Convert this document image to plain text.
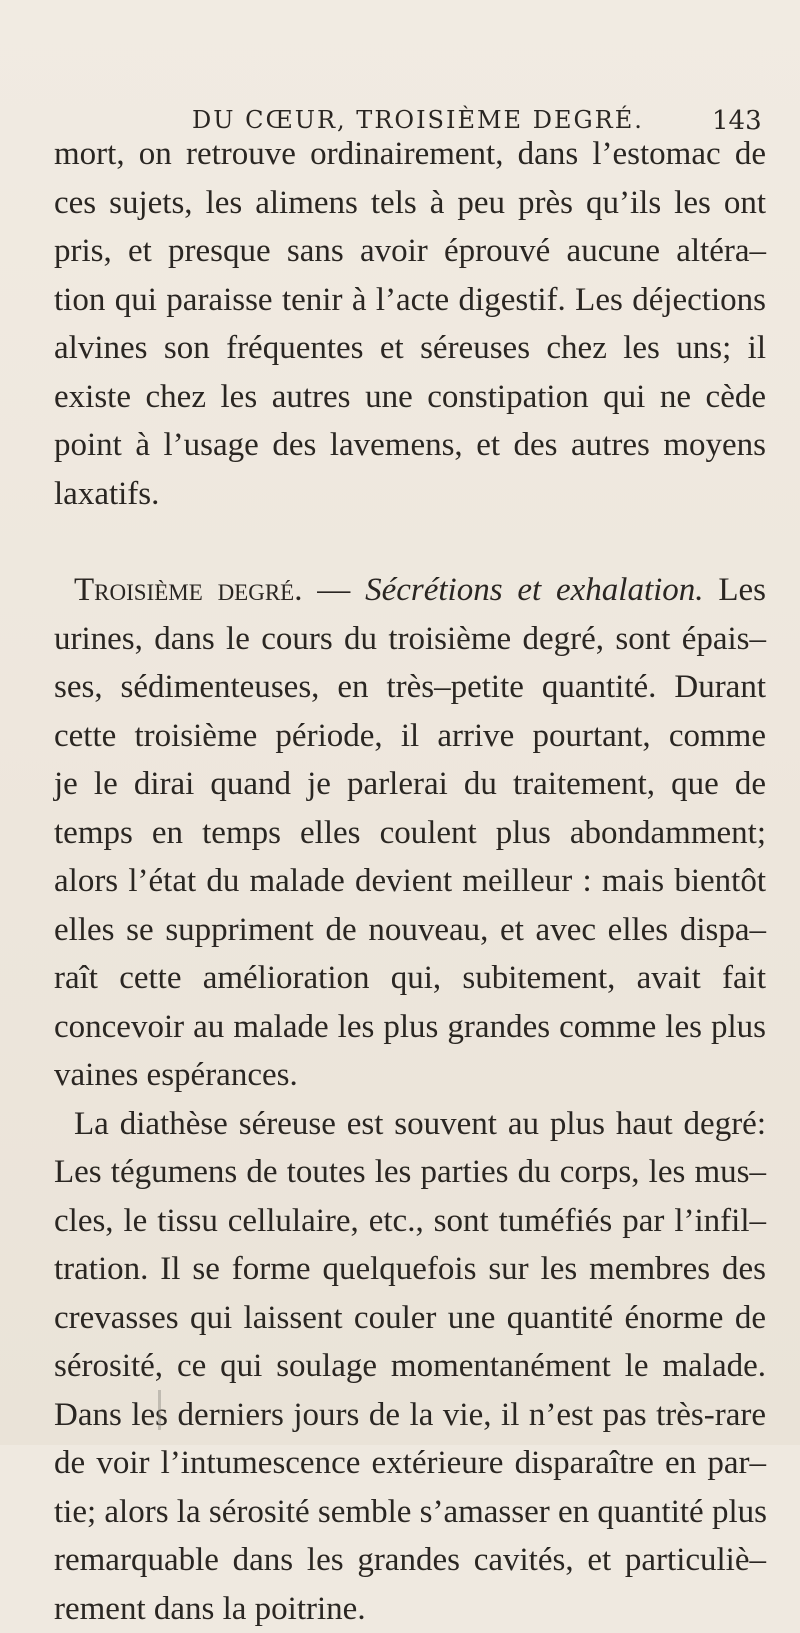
DU CŒUR, TROISIÈME DEGRÉ.	143
mort, on retrouve ordinairement, dans l’estomac de
ces sujets, les alimens tels à peu près qu’ils les ont
pris, et presque sans avoir éprouvé aucune altéra–
tion qui paraisse tenir à l’acte digestif. Les déjections
alvines son fréquentes et séreuses chez les uns; il
existe chez les autres une constipation qui ne cède
point à l’usage des lavemens, et des autres moyens
laxatifs.
Troisième degré. — Sécrétions et exhalation. Les
urines, dans le cours du troisième degré, sont épais–
ses, sédimenteuses, en très–petite quantité. Durant
cette troisième période, il arrive pourtant, comme
je le dirai quand je parlerai du traitement, que de
temps en temps elles coulent plus abondamment;
alors l’état du malade devient meilleur : mais bientôt
elles se suppriment de nouveau, et avec elles dispa–
raît cette amélioration qui, subitement, avait fait
concevoir au malade les plus grandes comme les plus
vaines espérances.
La diathèse séreuse est souvent au plus haut degré:
Les tégumens de toutes les parties du corps, les mus–
cles, le tissu cellulaire, etc., sont tuméfiés par l’infil–
tration. Il se forme quelquefois sur les membres des
crevasses qui laissent couler une quantité énorme de
sérosité, ce qui soulage momentanément le malade.
Dans les derniers jours de la vie, il n’est pas très-rare
de voir l’intumescence extérieure disparaître en par–
tie; alors la sérosité semble s’amasser en quantité plus
remarquable dans les grandes cavités, et particuliè–
rement dans la poitrine.
